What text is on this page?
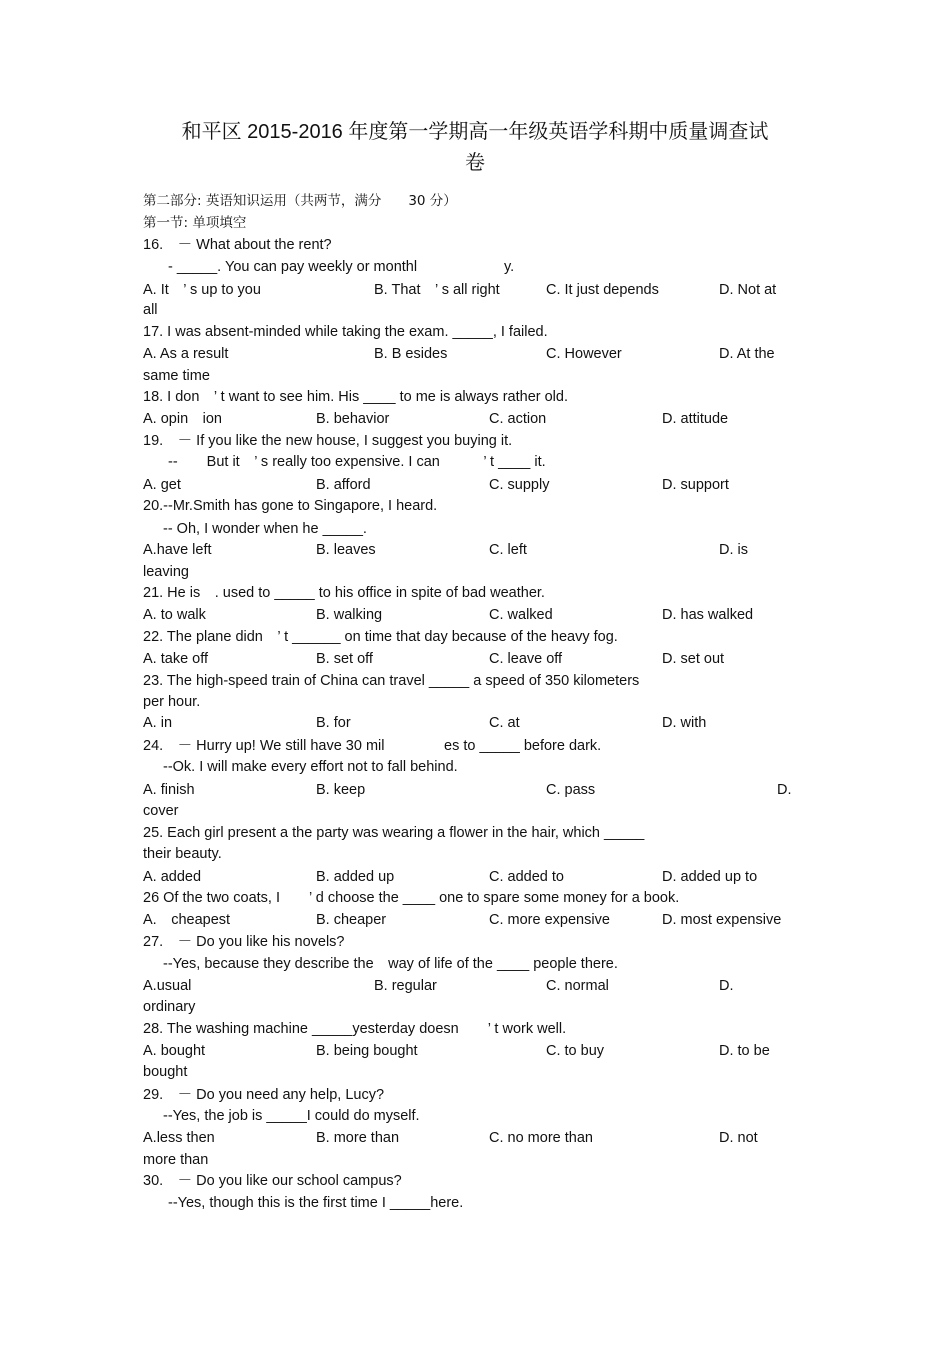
和平区 2015-2016 年度第一学期高一年级英语学科期中质量调查试
卷
第二部分: 英语知识运用（共两节，满分　　30 分）
第一节: 单项填空
16.　－ What about the rent?
- _____. You can pay weekly or monthl	y.
A. It　’ s up to you	B. That　’ s all right	C. It just depends	D. Not at
all
17. I was absent-minded while taking the exam. _____, I failed.
A. As a result	B. B esides	C. However	D. At the
same time
18. I don　’ t want to see him. His ____ to me is always rather old.
A. opin　ion	B. behavior	C. action	D. attitude
19.　－ If you like the new house, I suggest you buying it.
--　　But it　’ s really too expensive. I can　　　’ t ____ it.
A. get	B. afford	C. supply	D. support
20.--Mr.Smith has gone to Singapore, I heard.
-- Oh, I wonder when he _____.
A.have left	B. leaves	C. left	D. is
leaving
21. He is　. used to _____ to his office in spite of bad weather.
A. to walk	B. walking	C. walked	D. has walked
22. The plane didn　’ t ______ on time that day because of the heavy fog.
A. take off	B. set off	C. leave off	D. set out
23. The high-speed train of China can travel _____ a speed of 350 kilometers
per hour.
A. in	B. for	C. at	D. with
24.　－ Hurry up! We still have 30 mil	es to _____ before dark.
--Ok. I will make every effort not to fall behind.
A. finish	B. keep	C. pass	D.
cover
25. Each girl present a the party was wearing a flower in the hair, which _____
their beauty.
A. added	B. added up	C. added to	D. added up to
26 Of the two coats, I　　’ d choose the ____ one to spare some money for a book.
A.　cheapest	B. cheaper	C. more expensive	D. most expensive
27.　－ Do you like his novels?
--Yes, because they describe the　way of life of the ____ people there.
A.usual	B. regular	C. normal	D.
ordinary
28. The washing machine _____yesterday doesn　　’ t work well.
A. bought	B. being bought	C. to buy	D. to be
bought
29.　－ Do you need any help, Lucy?
--Yes, the job is _____I could do myself.
A.less then	B. more than	C. no more than	D. not
more than
30.　－ Do you like our school campus?
--Yes, though this is the first time I _____here.
